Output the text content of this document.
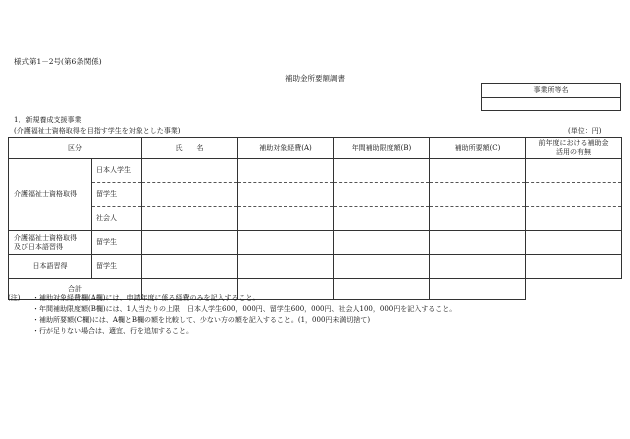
様式第1－2号(第6条関係)
補助金所要額調書
事業所等名
1．新規養成支援事業
(介護福祉士資格取得を目指す学生を対象とした事業)	(単位：円)
区分		氏　　名	補助対象経費(A)	年間補助限度額(B)	補助所要額(C)	前年度における補助金
活用の有無

介護福祉士資格取得	日本人学生					
	留学生					
	社会人					

介護福祉士資格取得
及び日本語習得	留学生					
日本語習得	留学生					
合計						
(注)	・補助対象経費欄(A欄)には、申請年度に係る経費のみを記入すること。
・年間補助限度額(B欄)には、1人当たりの上限　日本人学生600，000円、留学生600，000円、社会人100，000円を記入すること。
・補助所要額(C欄)には、A欄とB欄の額を比較して、少ない方の額を記入すること。(1，000円未満切捨て)
・行が足りない場合は、適宜、行を追加すること。
